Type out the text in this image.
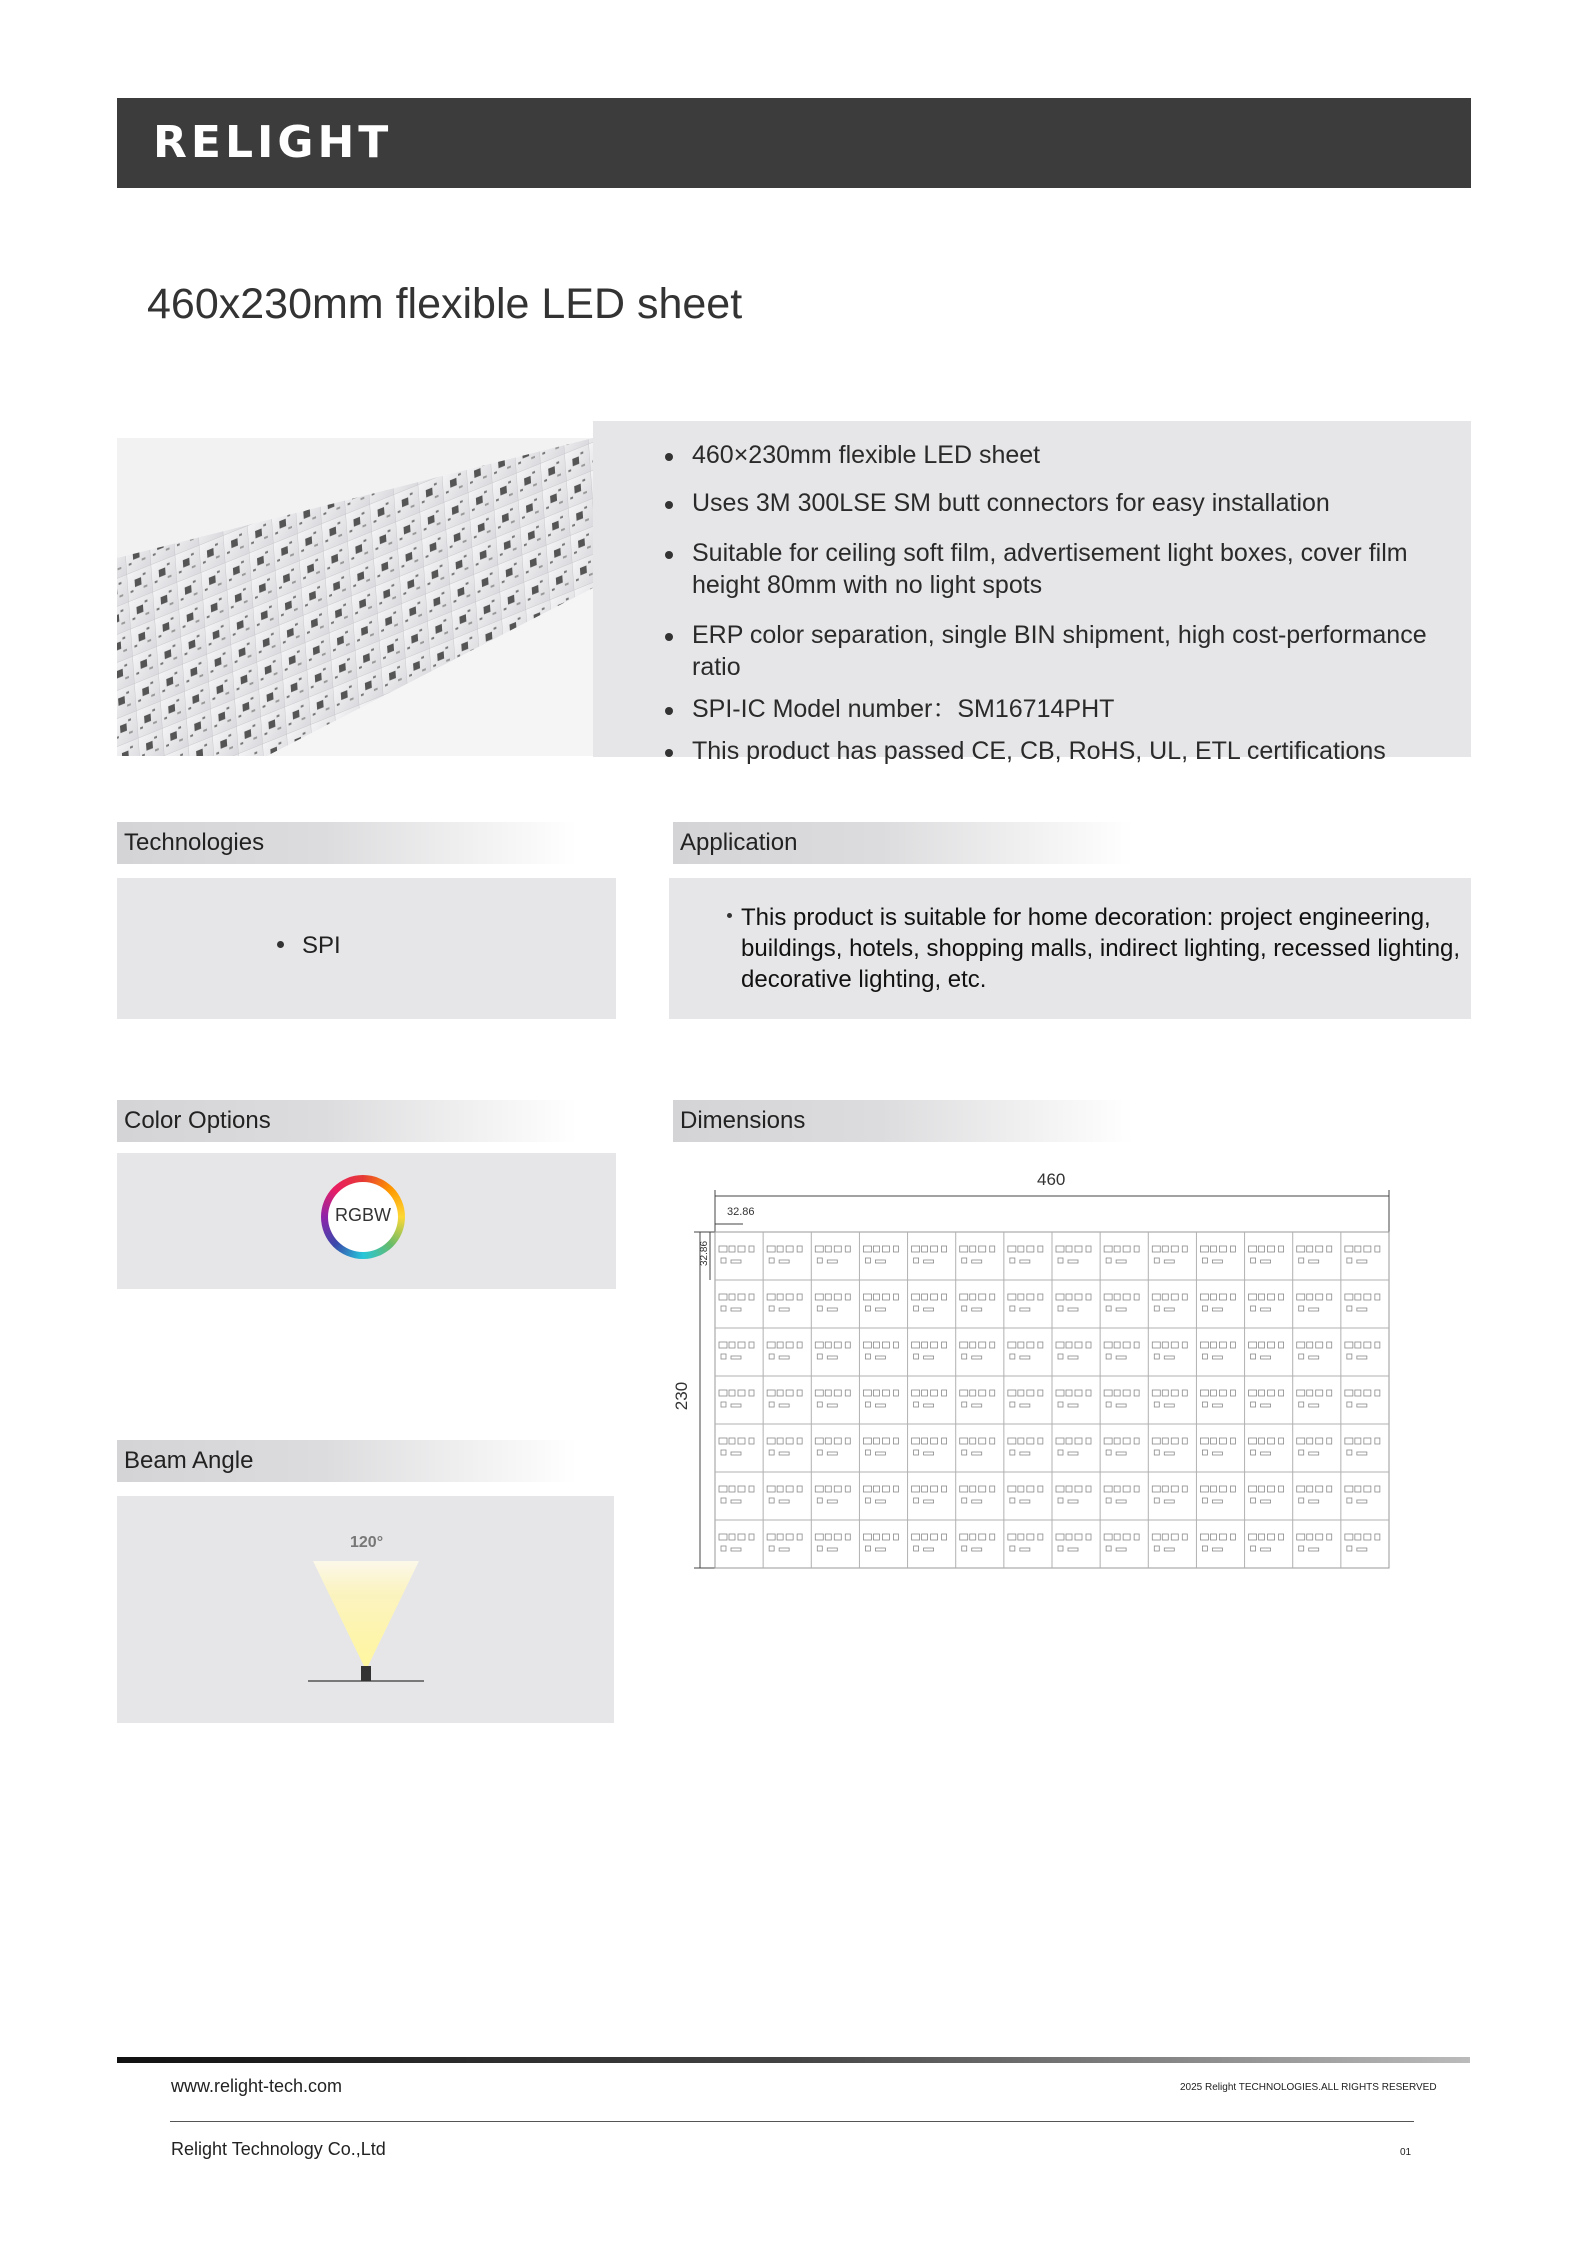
RELIGHT
460x230mm flexible LED sheet
460×230mm flexible LED sheet
Uses 3M 300LSE SM butt connectors for easy installation
Suitable for ceiling soft film, advertisement light boxes, cover film height 80mm with no light spots
ERP color separation, single BIN shipment, high cost-performance ratio
SPI-IC Model number：SM16714PHT
This product has passed CE, CB, RoHS, UL, ETL certifications
Technologies
SPI
Application
This product is suitable for home decoration: project engineering, buildings, hotels, shopping malls, indirect lighting, recessed lighting, decorative lighting, etc.
Color Options
RGBW
Dimensions
460
32.86
230
32.86
Beam Angle
120°
www.relight-tech.com	2025 Relight TECHNOLOGIES.ALL RIGHTS RESERVED
Relight Technology Co.,Ltd	01
